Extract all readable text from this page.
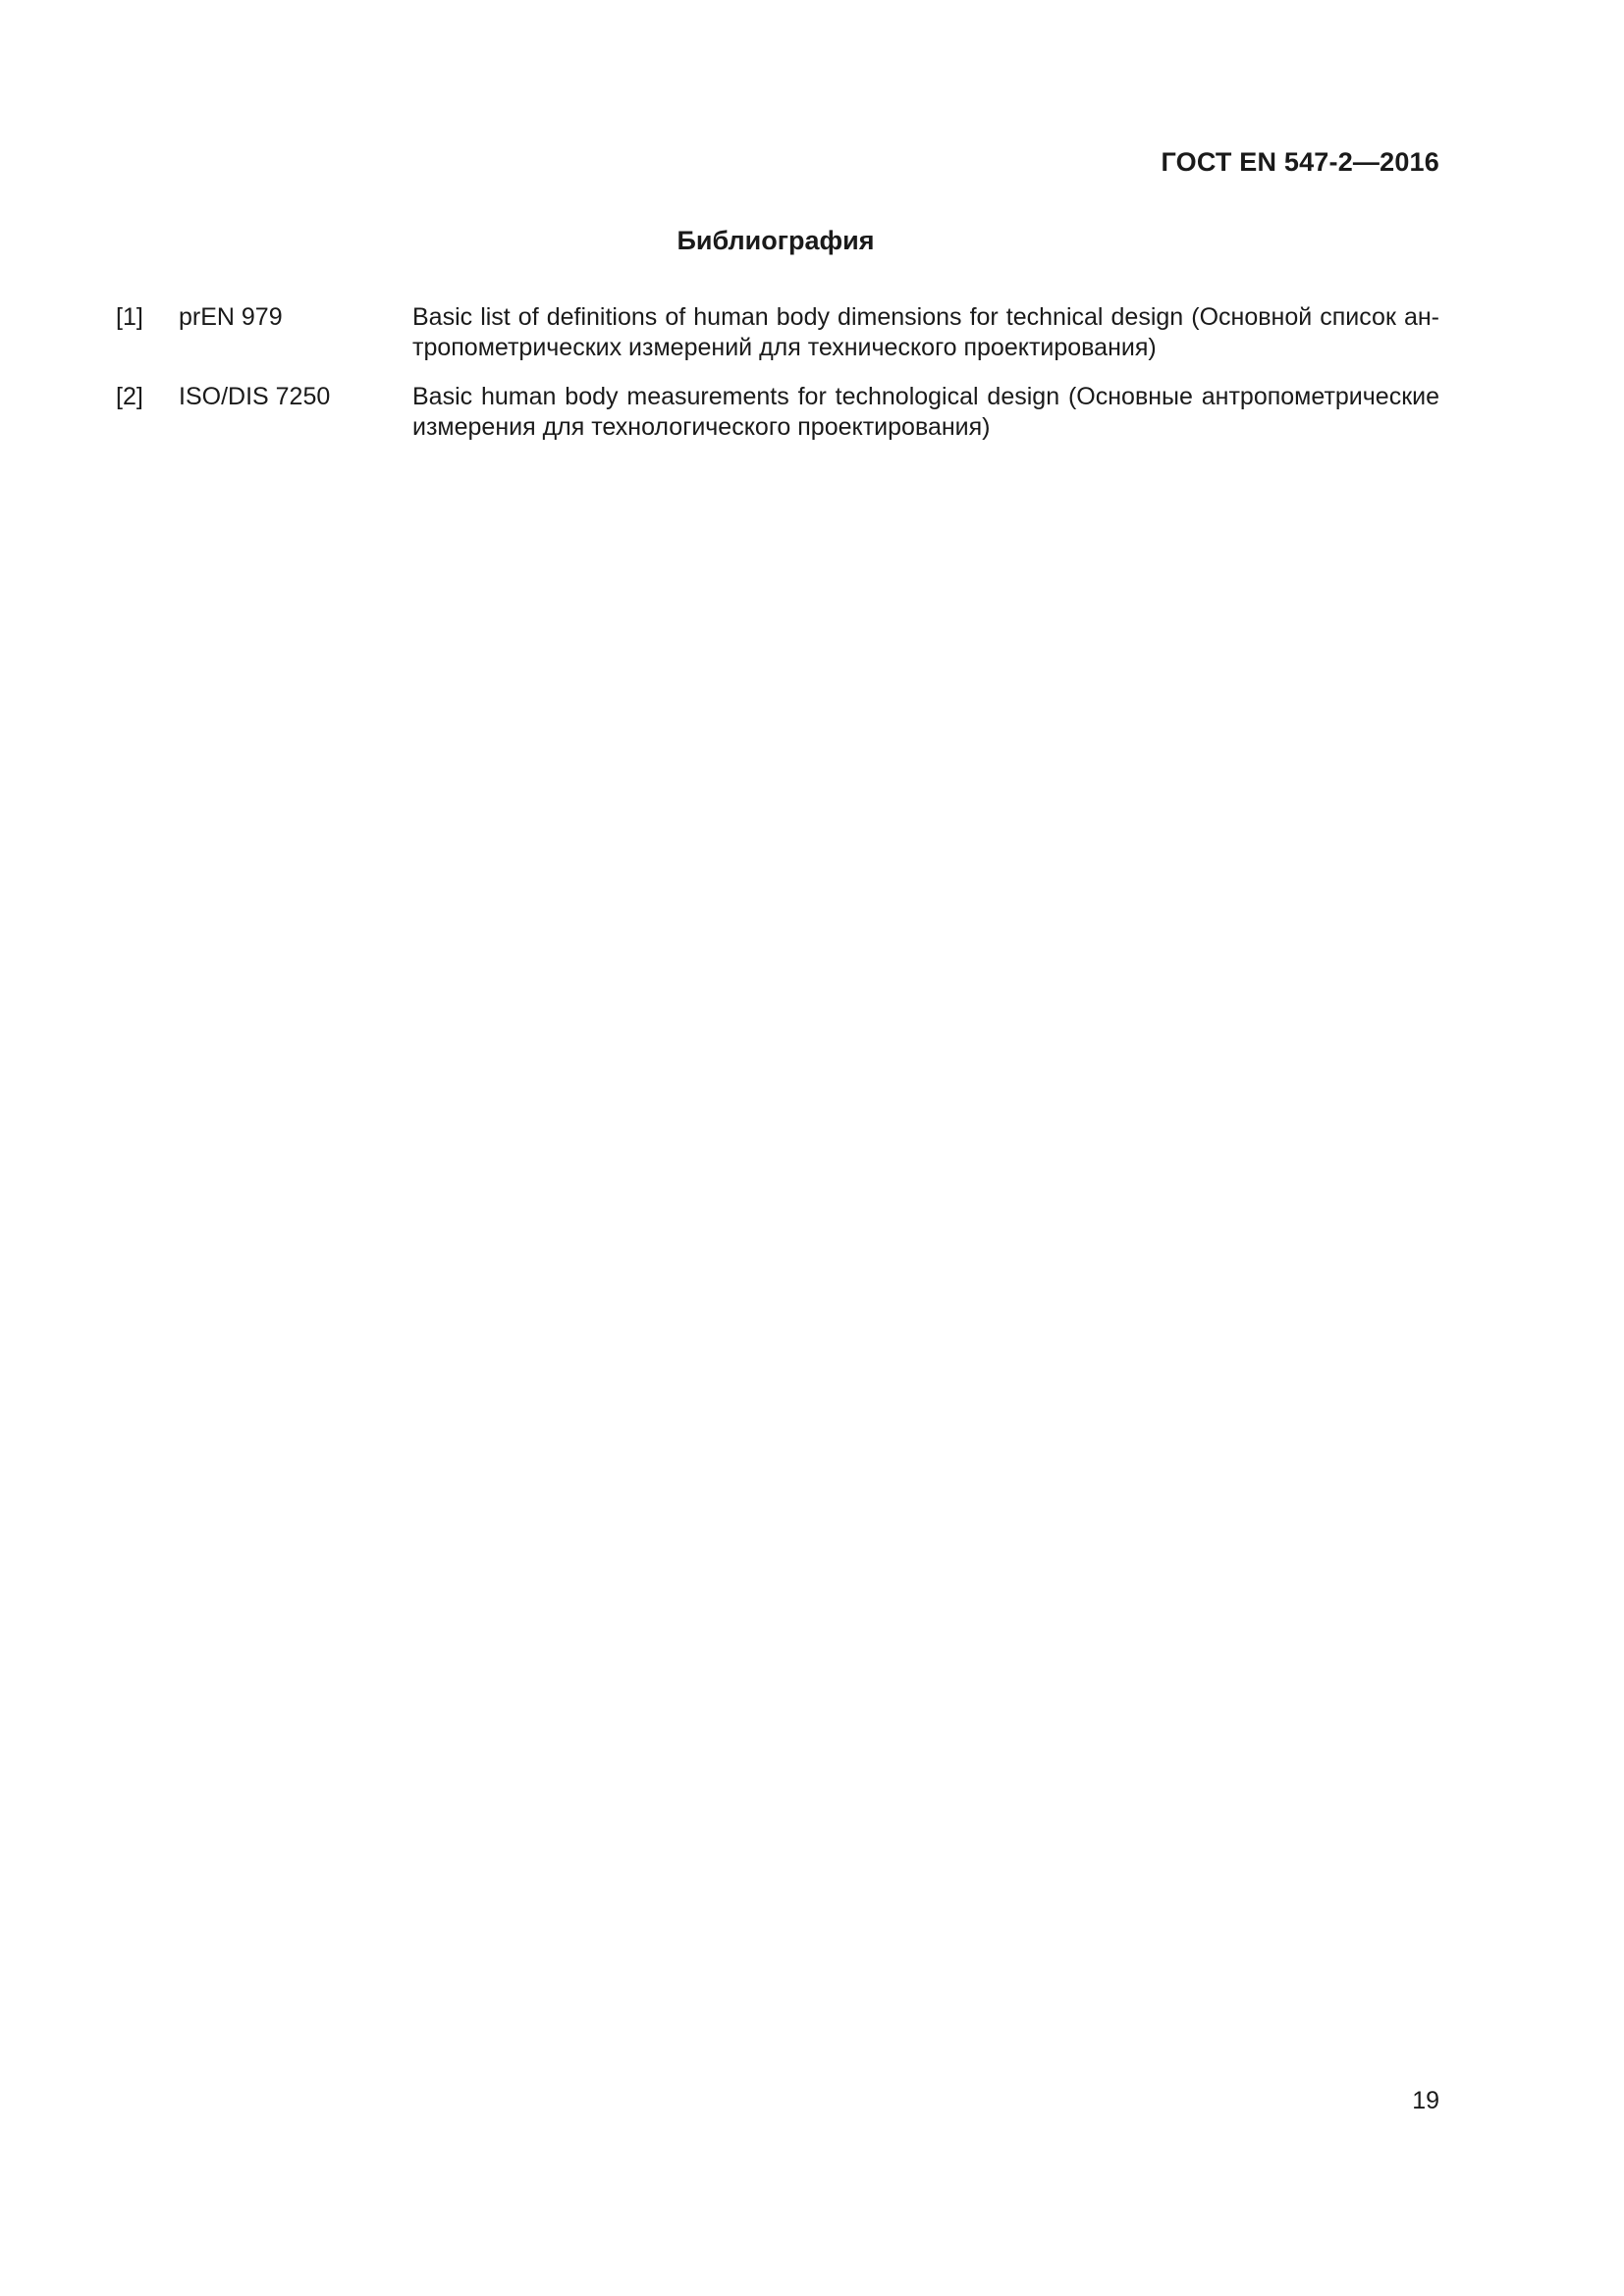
ГОСТ EN 547-2—2016
Библиография
[1]	prEN 979	Basic list of definitions of human body dimensions for technical design (Основной список ан-тропометрических измерений для технического проектирования)
[2]	ISO/DIS 7250	Basic human body measurements for technological design (Основные антропометрические измерения для технологического проектирования)
19
